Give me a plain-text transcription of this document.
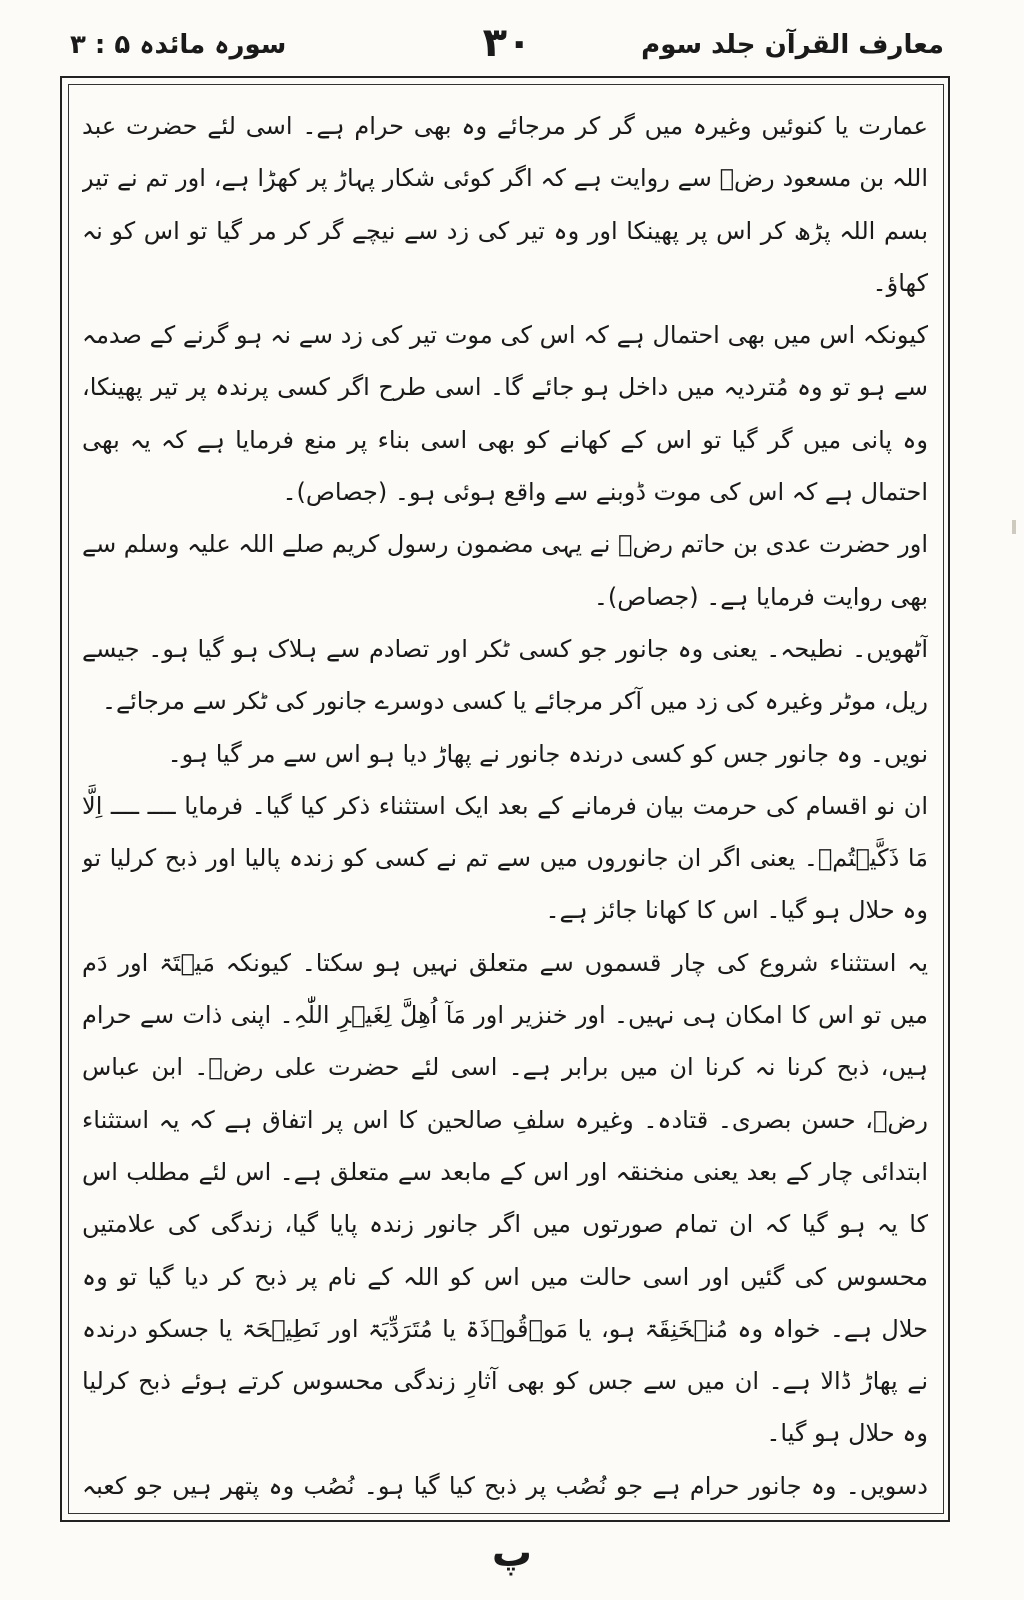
سورہ مائدہ ۵ : ۳	۳۰	معارف القرآن جلد سوم

عمارت یا کنوئیں وغیرہ میں گر کر مرجائے وہ بھی حرام ہے۔ اسی لئے حضرت عبد اللہ بن مسعود رضؓ سے روایت ہے کہ اگر کوئی شکار پہاڑ پر کھڑا ہے، اور تم نے تیر بسم اللہ پڑھ کر اس پر پھینکا اور وہ تیر کی زد سے نیچے گر کر مر گیا تو اس کو نہ کھاؤ۔

کیونکہ اس میں بھی احتمال ہے کہ اس کی موت تیر کی زد سے نہ ہو گرنے کے صدمہ سے ہو تو وہ مُتردیہ میں داخل ہو جائے گا۔ اسی طرح اگر کسی پرندہ پر تیر پھینکا، وہ پانی میں گر گیا تو اس کے کھانے کو بھی اسی بناء پر منع فرمایا ہے کہ یہ بھی احتمال ہے کہ اس کی موت ڈوبنے سے واقع ہوئی ہو۔ (جصاص)۔

اور حضرت عدی بن حاتم رضؓ نے یہی مضمون رسول کریم صلے اللہ علیہ وسلم سے بھی روایت فرمایا ہے۔ (جصاص)۔

آٹھویں۔ نطیحہ۔ یعنی وہ جانور جو کسی ٹکر اور تصادم سے ہلاک ہو گیا ہو۔ جیسے ریل، موٹر وغیرہ کی زد میں آکر مرجائے یا کسی دوسرے جانور کی ٹکر سے مرجائے۔

نویں۔ وہ جانور جس کو کسی درندہ جانور نے پھاڑ دیا ہو اس سے مر گیا ہو۔

ان نو اقسام کی حرمت بیان فرمانے کے بعد ایک استثناء ذکر کیا گیا۔ فرمایا ــــ ــــ اِلَّا مَا ذَکَّیۡتُمۡ۔ یعنی اگر ان جانوروں میں سے تم نے کسی کو زندہ پالیا اور ذبح کرلیا تو وہ حلال ہو گیا۔ اس کا کھانا جائز ہے۔

یہ استثناء شروع کی چار قسموں سے متعلق نہیں ہو سکتا۔ کیونکہ مَیۡتَۃ اور دَم میں تو اس کا امکان ہی نہیں۔ اور خنزیر اور مَآ اُھِلَّ لِغَیۡرِ اللّٰہِ۔ اپنی ذات سے حرام ہیں، ذبح کرنا نہ کرنا ان میں برابر ہے۔ اسی لئے حضرت علی رضؓ۔ ابن عباس رضؓ، حسن بصری۔ قتادہ۔ وغیرہ سلفِ صالحین کا اس پر اتفاق ہے کہ یہ استثناء ابتدائی چار کے بعد یعنی منخنقہ اور اس کے مابعد سے متعلق ہے۔ اس لئے مطلب اس کا یہ ہو گیا کہ ان تمام صورتوں میں اگر جانور زندہ پایا گیا، زندگی کی علامتیں محسوس کی گئیں اور اسی حالت میں اس کو اللہ کے نام پر ذبح کر دیا گیا تو وہ حلال ہے۔ خواہ وہ مُنۡخَنِقَۃ ہو، یا مَوۡقُوۡذَۃ یا مُتَرَدِّیَۃ اور نَطِیۡحَۃ یا جسکو درندہ نے پھاڑ ڈالا ہے۔ ان میں سے جس کو بھی آثارِ زندگی محسوس کرتے ہوئے ذبح کرلیا وہ حلال ہو گیا۔

دسویں۔ وہ جانور حرام ہے جو نُصُب پر ذبح کیا گیا ہو۔ نُصُب وہ پتھر ہیں جو کعبہ

پ
